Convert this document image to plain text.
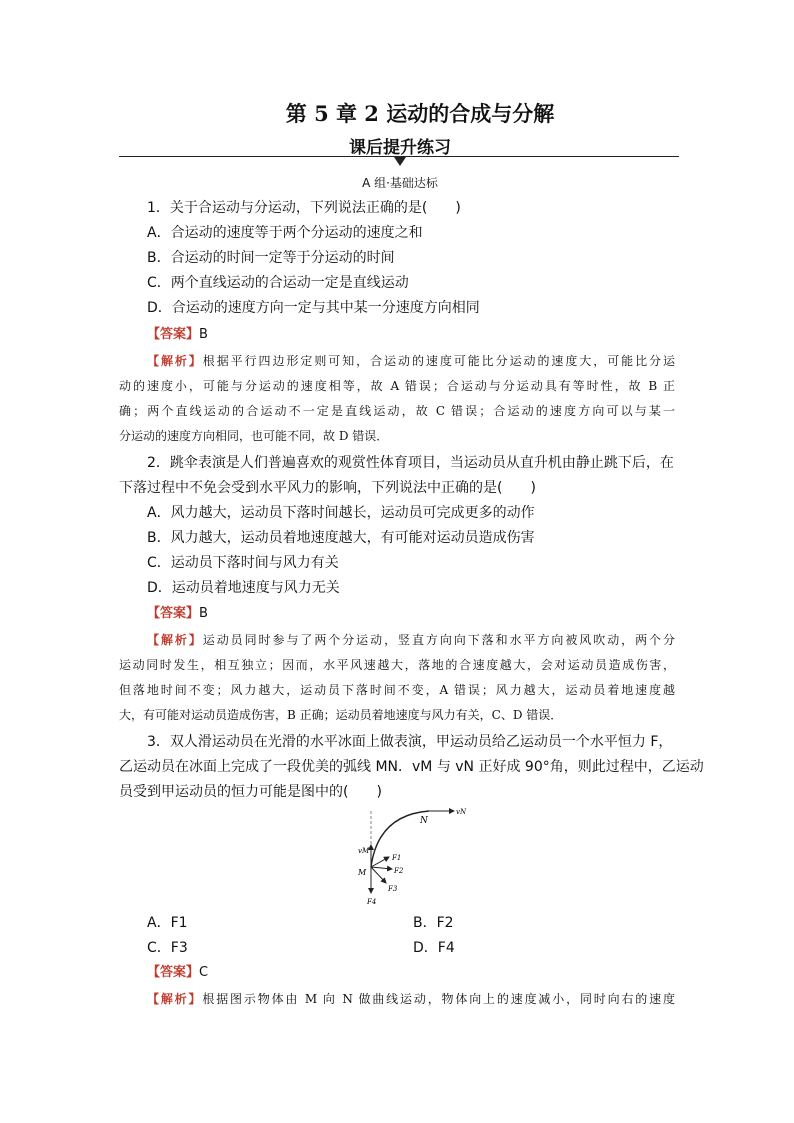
第 5 章 2 运动的合成与分解
课后提升练习
A 组·基础达标
1．关于合运动与分运动，下列说法正确的是(　　)
A．合运动的速度等于两个分运动的速度之和
B．合运动的时间一定等于分运动的时间
C．两个直线运动的合运动一定是直线运动
D．合运动的速度方向一定与其中某一分速度方向相同
【答案】B
【解析】根据平行四边形定则可知，合运动的速度可能比分运动的速度大，可能比分运
动的速度小，可能与分运动的速度相等，故 A 错误；合运动与分运动具有等时性，故 B 正
确；两个直线运动的合运动不一定是直线运动，故 C 错误；合运动的速度方向可以与某一
分运动的速度方向相同，也可能不同，故 D 错误．
2．跳伞表演是人们普遍喜欢的观赏性体育项目，当运动员从直升机由静止跳下后，在
下落过程中不免会受到水平风力的影响，下列说法中正确的是(　　)
A．风力越大，运动员下落时间越长，运动员可完成更多的动作
B．风力越大，运动员着地速度越大，有可能对运动员造成伤害
C．运动员下落时间与风力有关
D．运动员着地速度与风力无关
【答案】B
【解析】运动员同时参与了两个分运动，竖直方向向下落和水平方向被风吹动，两个分
运动同时发生，相互独立；因而，水平风速越大，落地的合速度越大，会对运动员造成伤害，
但落地时间不变；风力越大，运动员下落时间不变，A 错误；风力越大，运动员着地速度越
大，有可能对运动员造成伤害，B 正确；运动员着地速度与风力有关，C、D 错误．
3．双人滑运动员在光滑的水平冰面上做表演，甲运动员给乙运动员一个水平恒力 F，
乙运动员在冰面上完成了一段优美的弧线 MN．vM 与 vN 正好成 90°角，则此过程中，乙运动
员受到甲运动员的恒力可能是图中的(　　)
N
vN
vM
M
F1
F2
F3
F4
A．F1	B．F2
C．F3	D．F4
【答案】C
【解析】根据图示物体由 M 向 N 做曲线运动，物体向上的速度减小，同时向右的速度
